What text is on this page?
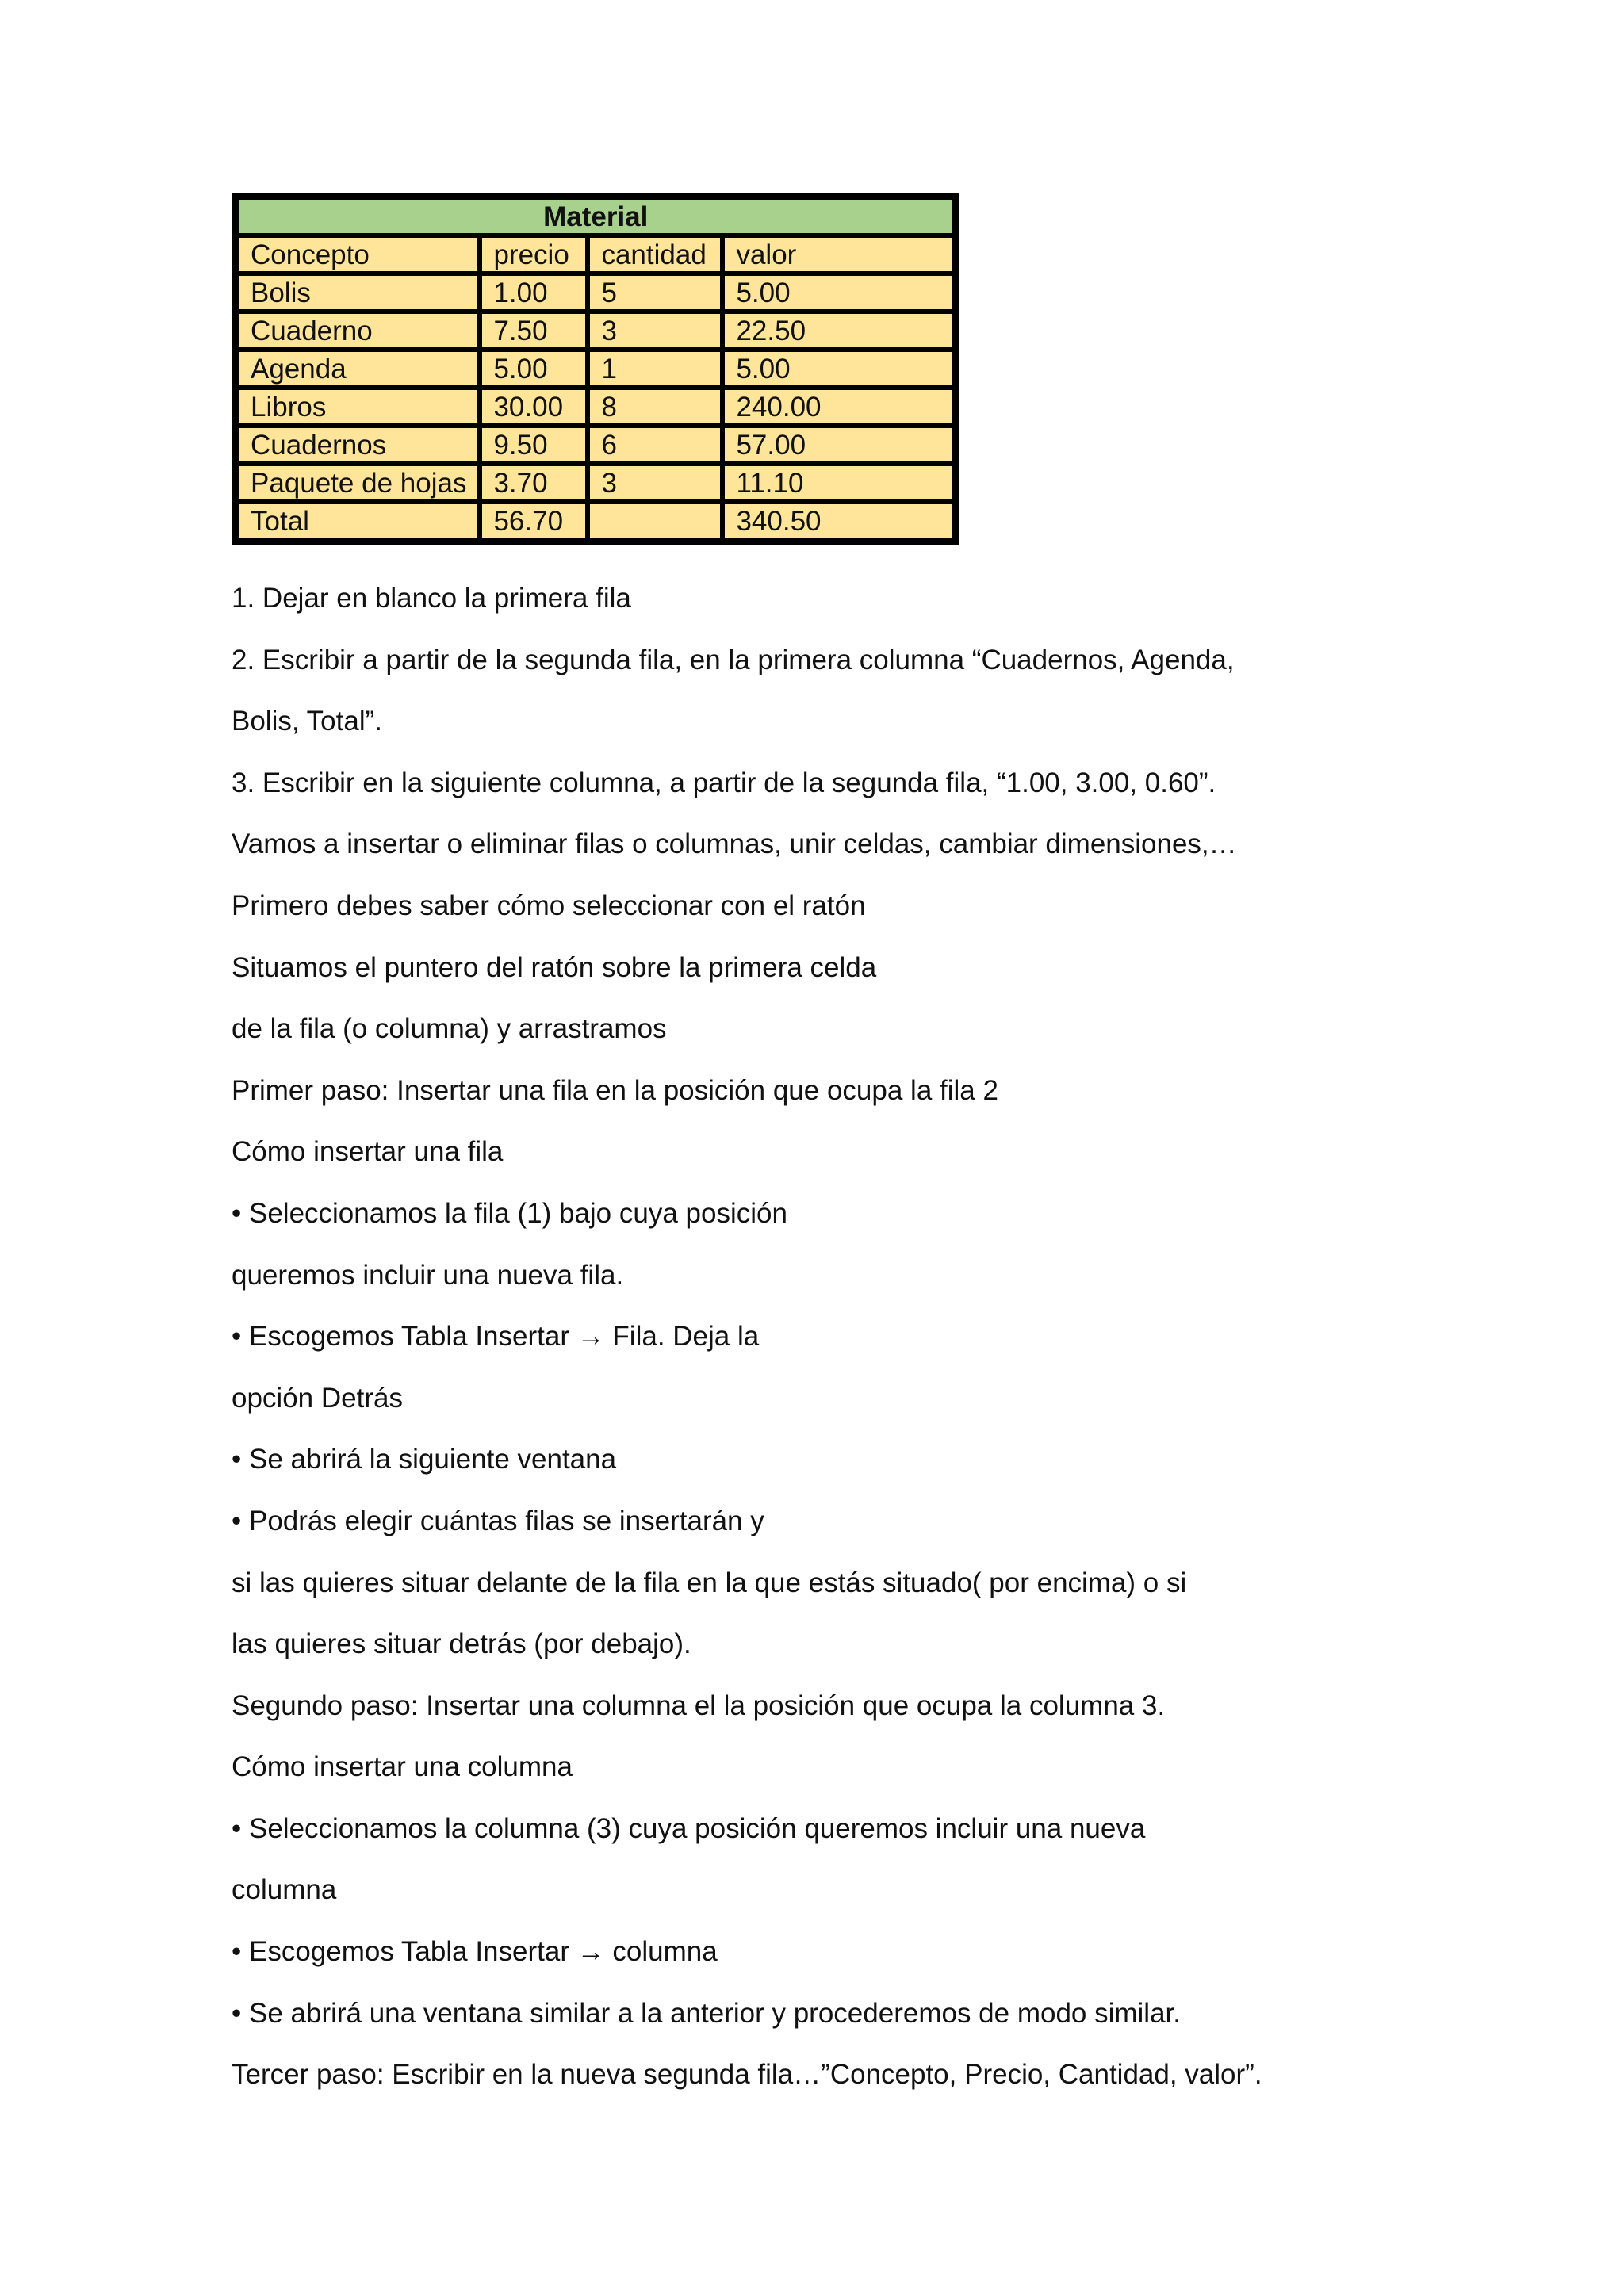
Material			
Concepto	precio	cantidad	valor
Bolis	1.00	5	5.00
Cuaderno	7.50	3	22.50
Agenda	5.00	1	5.00
Libros	30.00	8	240.00
Cuadernos	9.50	6	57.00
Paquete de hojas	3.70	3	11.10
Total	56.70		340.50
1. Dejar en blanco la primera fila
2. Escribir a partir de la segunda fila, en la primera columna “Cuadernos, Agenda,
Bolis, Total”.
3. Escribir en la siguiente columna, a partir de la segunda fila, “1.00, 3.00, 0.60”.
Vamos a insertar o eliminar filas o columnas, unir celdas, cambiar dimensiones,…
Primero debes saber cómo seleccionar con el ratón
Situamos el puntero del ratón sobre la primera celda
de la fila (o columna) y arrastramos
Primer paso: Insertar una fila en la posición que ocupa la fila 2
Cómo insertar una fila
• Seleccionamos la fila (1) bajo cuya posición
queremos incluir una nueva fila.
• Escogemos Tabla Insertar → Fila. Deja la
opción Detrás
• Se abrirá la siguiente ventana
• Podrás elegir cuántas filas se insertarán y
si las quieres situar delante de la fila en la que estás situado( por encima) o si
las quieres situar detrás (por debajo).
Segundo paso: Insertar una columna el la posición que ocupa la columna 3.
Cómo insertar una columna
• Seleccionamos la columna (3) cuya posición queremos incluir una nueva
columna
• Escogemos Tabla Insertar → columna
• Se abrirá una ventana similar a la anterior y procederemos de modo similar.
Tercer paso: Escribir en la nueva segunda fila…”Concepto, Precio, Cantidad, valor”.
